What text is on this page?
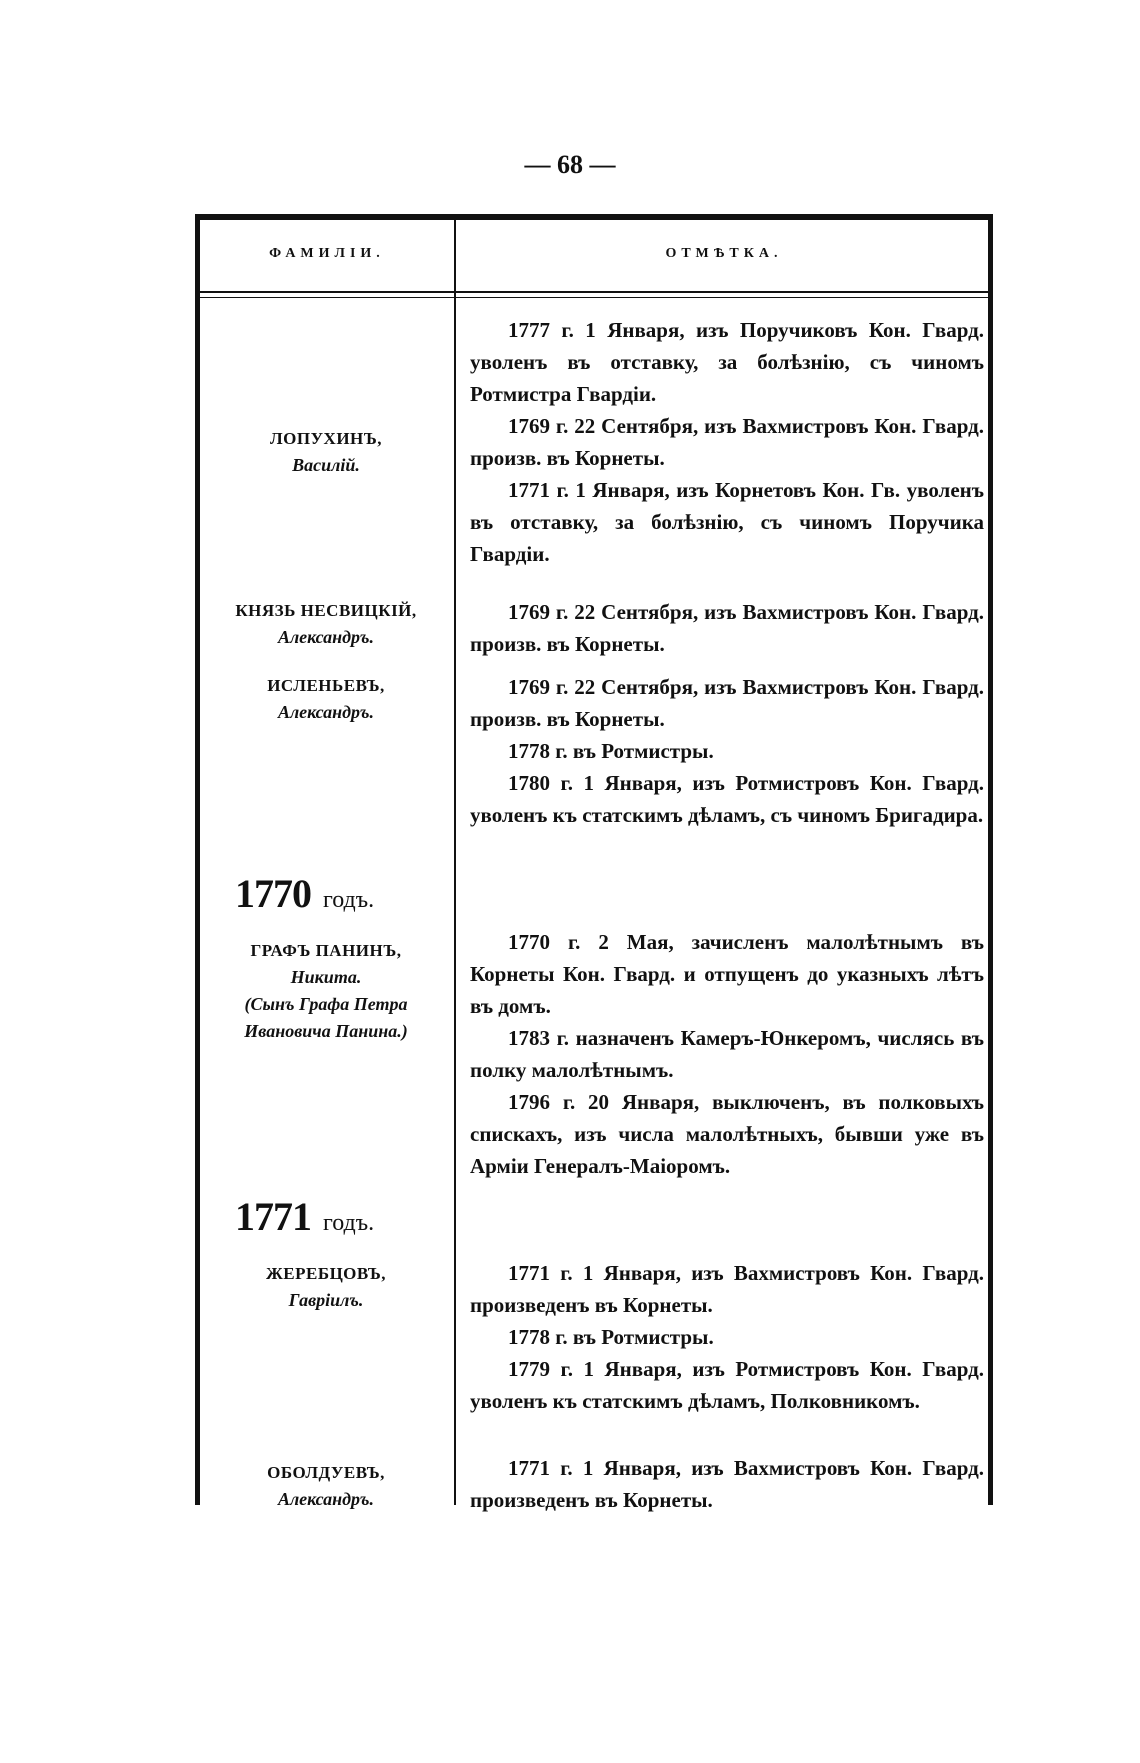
— 68 —
ФАМИЛІИ.	ОТМѢТКА.
ЛОПУХИНЪ,
Василій.

1777 г. 1 Января, изъ Поручиковъ Кон. Гвард. уволенъ въ отставку, за болѣзнію, съ чиномъ Ротмистра Гвардіи.

1769 г. 22 Сентября, изъ Вахмистровъ Кон. Гвард. произв. въ Корнеты.

1771 г. 1 Января, изъ Корнетовъ Кон. Гв. уволенъ въ отставку, за болѣзнію, съ чиномъ Поручика Гвардіи.

КНЯЗЬ НЕСВИЦКІЙ,
Александръ.

1769 г. 22 Сентября, изъ Вахмистровъ Кон. Гвард. произв. въ Корнеты.

ИСЛЕНЬЕВЪ,
Александръ.

1769 г. 22 Сентября, изъ Вахмистровъ Кон. Гвард. произв. въ Корнеты.

1778 г. въ Ротмистры.

1780 г. 1 Января, изъ Ротмистровъ Кон. Гвард. уволенъ къ статскимъ дѣламъ, съ чиномъ Бригадира.

1770 годъ.
ГРАФЪ ПАНИНЪ,
Никита.
(Сынъ Графа Петра
Ивановича Панина.)

1770 г. 2 Мая, зачисленъ малолѣтнымъ въ Корнеты Кон. Гвард. и отпущенъ до указныхъ лѣтъ въ домъ.

1783 г. назначенъ Камеръ-Юнкеромъ, числясь въ полку малолѣтнымъ.

1796 г. 20 Января, выключенъ, въ полковыхъ спискахъ, изъ числа малолѣтныхъ, бывши уже въ Арміи Генералъ-Маіоромъ.

1771 годъ.
ЖЕРЕБЦОВЪ,
Гавріилъ.

1771 г. 1 Января, изъ Вахмистровъ Кон. Гвард. произведенъ въ Корнеты.

1778 г. въ Ротмистры.

1779 г. 1 Января, изъ Ротмистровъ Кон. Гвард. уволенъ къ статскимъ дѣламъ, Полковникомъ.

ОБОЛДУЕВЪ,
Александръ.

1771 г. 1 Января, изъ Вахмистровъ Кон. Гвард. произведенъ въ Корнеты.
